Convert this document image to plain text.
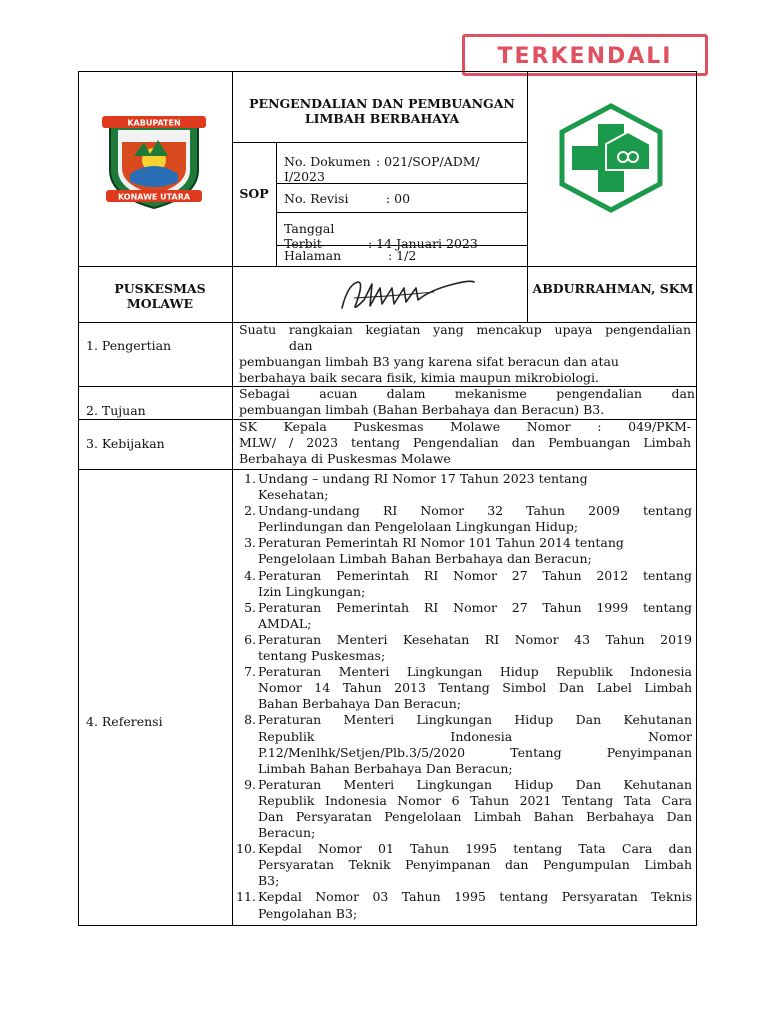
TERKENDALI
KABUPATEN
KONAWE UTARA
PENGENDALIAN DAN PEMBUANGAN
LIMBAH BERBAHAYA
SOP
No. Dokumen : 021/SOP/ADM/
I/2023
No. Revisi	: 00
Tanggal Terbit	: 14 Januari 2023
Halaman	: 1/2
PUSKESMAS
MOLAWE
ABDURRAHMAN, SKM
1. Pengertian
Suatu rangkaian kegiatan yang mencakup upaya pengendalian
dan
pembuangan limbah B3 yang karena sifat beracun dan atau
berbahaya baik secara fisik, kimia maupun mikrobiologi.
2. Tujuan
Sebagai acuan dalam mekanisme pengendalian dan
pembuangan limbah (Bahan Berbahaya dan Beracun) B3.
3. Kebijakan
SK Kepala Puskesmas Molawe Nomor : 049/PKM-
MLW/ / 2023 tentang Pengendalian dan Pembuangan Limbah
Berbahaya di Puskesmas Molawe
4. Referensi
1. Undang – undang RI Nomor 17 Tahun 2023 tentang
Kesehatan;
2. Undang-undang RI Nomor 32 Tahun 2009 tentang
Perlindungan dan Pengelolaan Lingkungan Hidup;
3. Peraturan Pemerintah RI Nomor 101 Tahun 2014 tentang
Pengelolaan Limbah Bahan Berbahaya dan Beracun;
4. Peraturan Pemerintah RI Nomor 27 Tahun 2012 tentang
Izin Lingkungan;
5. Peraturan Pemerintah RI Nomor 27 Tahun 1999 tentang
AMDAL;
6. Peraturan Menteri Kesehatan RI Nomor 43 Tahun 2019
tentang Puskesmas;
7. Peraturan Menteri Lingkungan Hidup Republik Indonesia
Nomor 14 Tahun 2013 Tentang Simbol Dan Label Limbah
Bahan Berbahaya Dan Beracun;
8. Peraturan Menteri Lingkungan Hidup Dan Kehutanan
Republik Indonesia Nomor
P.12/Menlhk/Setjen/Plb.3/5/2020 Tentang Penyimpanan
Limbah Bahan Berbahaya Dan Beracun;
9. Peraturan Menteri Lingkungan Hidup Dan Kehutanan
Republik Indonesia Nomor 6 Tahun 2021 Tentang Tata Cara
Dan Persyaratan Pengelolaan Limbah Bahan Berbahaya Dan
Beracun;
10. Kepdal Nomor 01 Tahun 1995 tentang Tata Cara dan
Persyaratan Teknik Penyimpanan dan Pengumpulan Limbah
B3;
11. Kepdal Nomor 03 Tahun 1995 tentang Persyaratan Teknis
Pengolahan B3;
